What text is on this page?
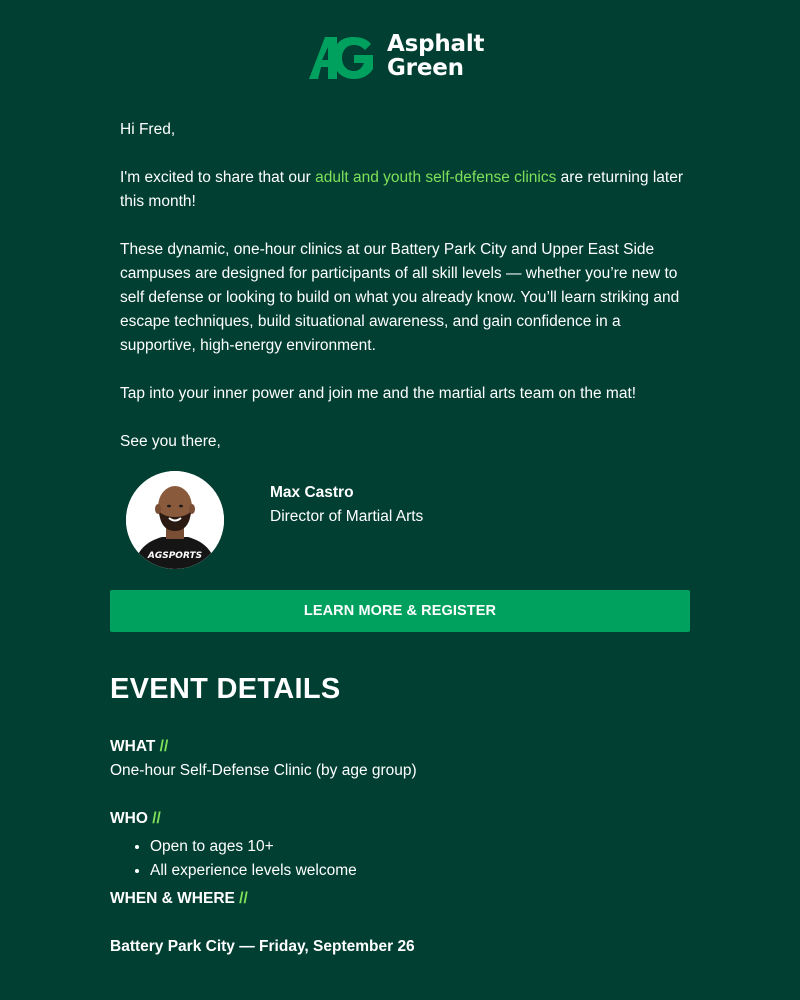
Asphalt
Green

Hi Fred,

I'm excited to share that our adult and youth self-defense clinics are returning later this month!

These dynamic, one-hour clinics at our Battery Park City and Upper East Side campuses are designed for participants of all skill levels — whether you’re new to self defense or looking to build on what you already know. You’ll learn striking and escape techniques, build situational awareness, and gain confidence in a supportive, high-energy environment.

Tap into your inner power and join me and the martial arts team on the mat!

See you there,

AGSPORTS
Max Castro
Director of Martial Arts
LEARN MORE & REGISTER
EVENT DETAILS
WHAT //
One-hour Self-Defense Clinic (by age group)
WHO //
• Open to ages 10+
• All experience levels welcome
WHEN & WHERE //
Battery Park City — Friday, September 26
